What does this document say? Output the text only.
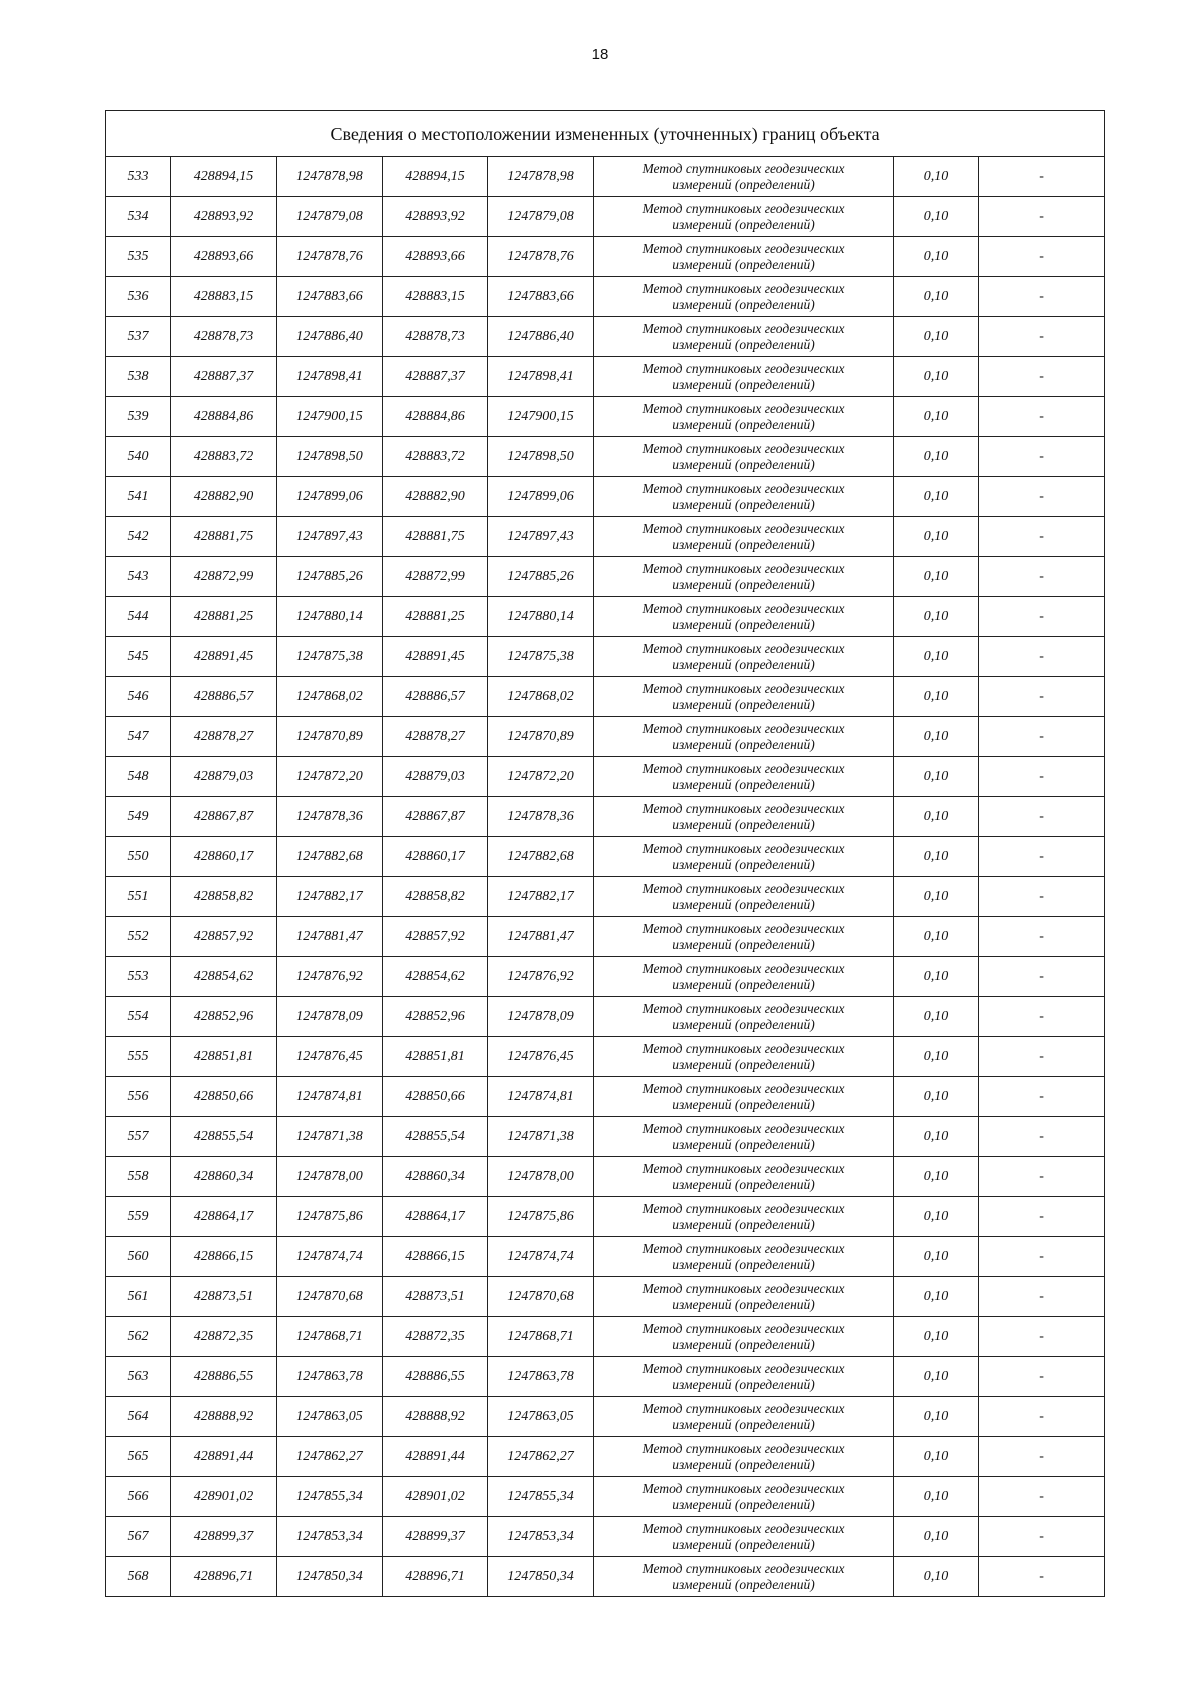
18
Сведения о местоположении измененных (уточненных) границ объекта							
533	428894,15	1247878,98	428894,15	1247878,98	Метод спутниковых геодезических
измерений (определений)	0,10	-
534	428893,92	1247879,08	428893,92	1247879,08	Метод спутниковых геодезических
измерений (определений)	0,10	-
535	428893,66	1247878,76	428893,66	1247878,76	Метод спутниковых геодезических
измерений (определений)	0,10	-
536	428883,15	1247883,66	428883,15	1247883,66	Метод спутниковых геодезических
измерений (определений)	0,10	-
537	428878,73	1247886,40	428878,73	1247886,40	Метод спутниковых геодезических
измерений (определений)	0,10	-
538	428887,37	1247898,41	428887,37	1247898,41	Метод спутниковых геодезических
измерений (определений)	0,10	-
539	428884,86	1247900,15	428884,86	1247900,15	Метод спутниковых геодезических
измерений (определений)	0,10	-
540	428883,72	1247898,50	428883,72	1247898,50	Метод спутниковых геодезических
измерений (определений)	0,10	-
541	428882,90	1247899,06	428882,90	1247899,06	Метод спутниковых геодезических
измерений (определений)	0,10	-
542	428881,75	1247897,43	428881,75	1247897,43	Метод спутниковых геодезических
измерений (определений)	0,10	-
543	428872,99	1247885,26	428872,99	1247885,26	Метод спутниковых геодезических
измерений (определений)	0,10	-
544	428881,25	1247880,14	428881,25	1247880,14	Метод спутниковых геодезических
измерений (определений)	0,10	-
545	428891,45	1247875,38	428891,45	1247875,38	Метод спутниковых геодезических
измерений (определений)	0,10	-
546	428886,57	1247868,02	428886,57	1247868,02	Метод спутниковых геодезических
измерений (определений)	0,10	-
547	428878,27	1247870,89	428878,27	1247870,89	Метод спутниковых геодезических
измерений (определений)	0,10	-
548	428879,03	1247872,20	428879,03	1247872,20	Метод спутниковых геодезических
измерений (определений)	0,10	-
549	428867,87	1247878,36	428867,87	1247878,36	Метод спутниковых геодезических
измерений (определений)	0,10	-
550	428860,17	1247882,68	428860,17	1247882,68	Метод спутниковых геодезических
измерений (определений)	0,10	-
551	428858,82	1247882,17	428858,82	1247882,17	Метод спутниковых геодезических
измерений (определений)	0,10	-
552	428857,92	1247881,47	428857,92	1247881,47	Метод спутниковых геодезических
измерений (определений)	0,10	-
553	428854,62	1247876,92	428854,62	1247876,92	Метод спутниковых геодезических
измерений (определений)	0,10	-
554	428852,96	1247878,09	428852,96	1247878,09	Метод спутниковых геодезических
измерений (определений)	0,10	-
555	428851,81	1247876,45	428851,81	1247876,45	Метод спутниковых геодезических
измерений (определений)	0,10	-
556	428850,66	1247874,81	428850,66	1247874,81	Метод спутниковых геодезических
измерений (определений)	0,10	-
557	428855,54	1247871,38	428855,54	1247871,38	Метод спутниковых геодезических
измерений (определений)	0,10	-
558	428860,34	1247878,00	428860,34	1247878,00	Метод спутниковых геодезических
измерений (определений)	0,10	-
559	428864,17	1247875,86	428864,17	1247875,86	Метод спутниковых геодезических
измерений (определений)	0,10	-
560	428866,15	1247874,74	428866,15	1247874,74	Метод спутниковых геодезических
измерений (определений)	0,10	-
561	428873,51	1247870,68	428873,51	1247870,68	Метод спутниковых геодезических
измерений (определений)	0,10	-
562	428872,35	1247868,71	428872,35	1247868,71	Метод спутниковых геодезических
измерений (определений)	0,10	-
563	428886,55	1247863,78	428886,55	1247863,78	Метод спутниковых геодезических
измерений (определений)	0,10	-
564	428888,92	1247863,05	428888,92	1247863,05	Метод спутниковых геодезических
измерений (определений)	0,10	-
565	428891,44	1247862,27	428891,44	1247862,27	Метод спутниковых геодезических
измерений (определений)	0,10	-
566	428901,02	1247855,34	428901,02	1247855,34	Метод спутниковых геодезических
измерений (определений)	0,10	-
567	428899,37	1247853,34	428899,37	1247853,34	Метод спутниковых геодезических
измерений (определений)	0,10	-
568	428896,71	1247850,34	428896,71	1247850,34	Метод спутниковых геодезических
измерений (определений)	0,10	-
